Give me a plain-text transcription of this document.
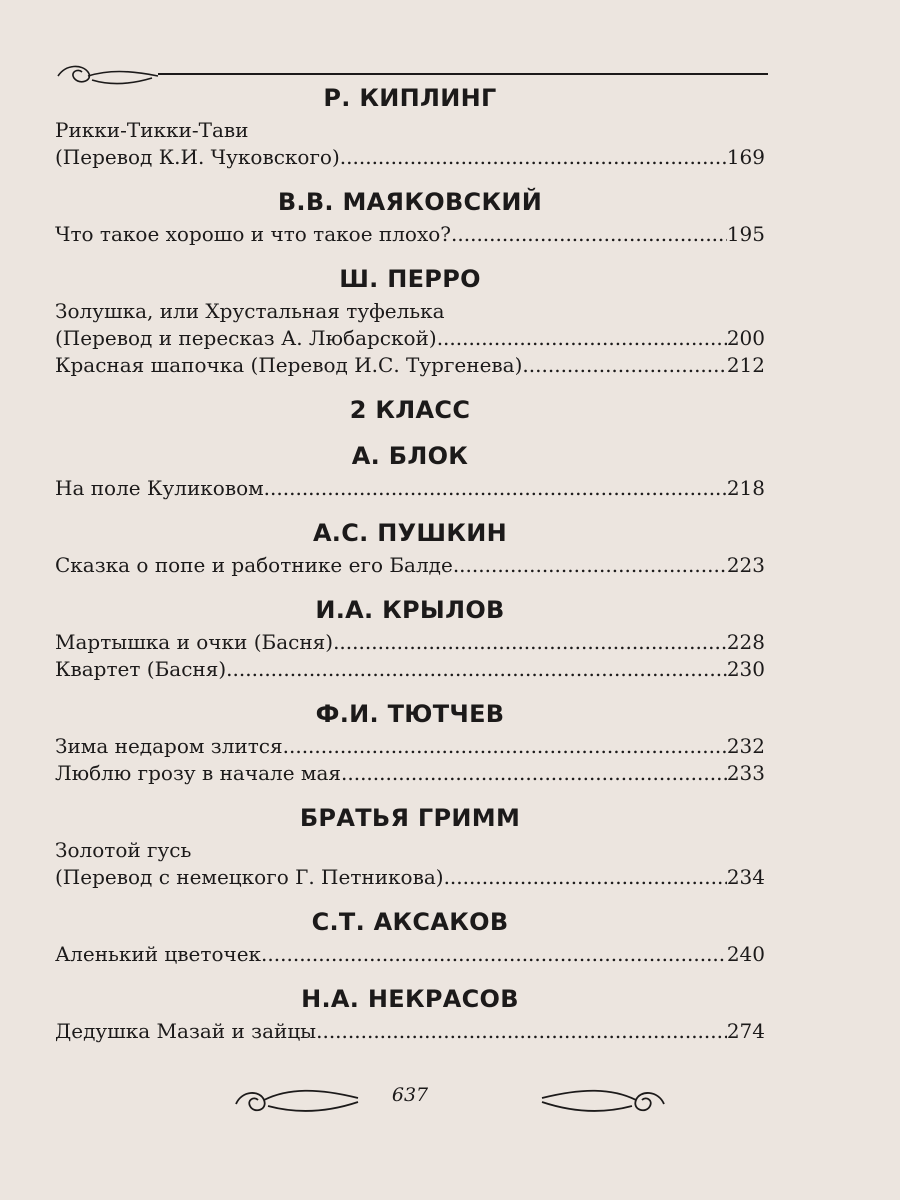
Р. КИПЛИНГ
Рикки-Тикки-Тави
(Перевод К.И. Чуковского) .....	169
В.В. МАЯКОВСКИЙ
Что такое хорошо и что такое плохо? .....	195
Ш. ПЕРРО
Золушка, или Хрустальная туфелька
(Перевод и пересказ А. Любарской) .....	200
Красная шапочка (Перевод И.С. Тургенева) .....	212
2 КЛАСС
А. БЛОК
На поле Куликовом .....	218
А.С. ПУШКИН
Сказка о попе и работнике его Балде .....	223
И.А. КРЫЛОВ
Мартышка и очки (Басня) .....	228
Квартет (Басня) .....	230
Ф.И. ТЮТЧЕВ
Зима недаром злится .....	232
Люблю грозу в начале мая .....	233
БРАТЬЯ ГРИММ
Золотой гусь
(Перевод с немецкого Г. Петникова) .....	234
С.Т. АКСАКОВ
Аленький цветочек .....	240
Н.А. НЕКРАСОВ
Дедушка Мазай и зайцы .....	274
637
